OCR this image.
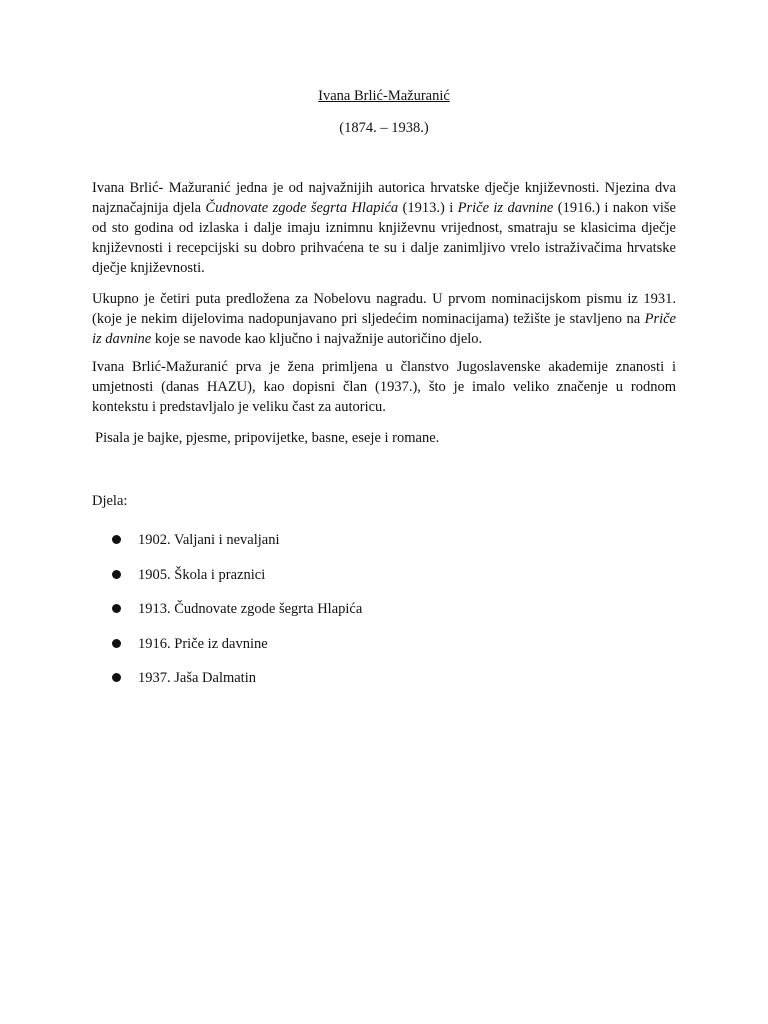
Ivana Brlić-Mažuranić
(1874. – 1938.)

Ivana Brlić- Mažuranić jedna je od najvažnijih autorica hrvatske dječje književnosti. Njezina dva najznačajnija djela Čudnovate zgode šegrta Hlapića (1913.) i Priče iz davnine (1916.) i nakon više od sto godina od izlaska i dalje imaju iznimnu književnu vrijednost, smatraju se klasicima dječje književnosti i recepcijski su dobro prihvaćena te su i dalje zanimljivo vrelo istraživačima hrvatske dječje književnosti.

Ukupno je četiri puta predložena za Nobelovu nagradu. U prvom nominacijskom pismu iz 1931. (koje je nekim dijelovima nadopunjavano pri sljedećim nominacijama) težište je stavljeno na Priče iz davnine koje se navode kao ključno i najvažnije autoričino djelo.

Ivana Brlić-Mažuranić prva je žena primljena u članstvo Jugoslavenske akademije znanosti i umjetnosti (danas HAZU), kao dopisni član (1937.), što je imalo veliko značenje u rodnom kontekstu i predstavljalo je veliku čast za autoricu.

Pisala je bajke, pjesme, pripovijetke, basne, eseje i romane.

Djela:
1902. Valjani i nevaljani
1905. Škola i praznici
1913. Čudnovate zgode šegrta Hlapića
1916. Priče iz davnine
1937. Jaša Dalmatin
